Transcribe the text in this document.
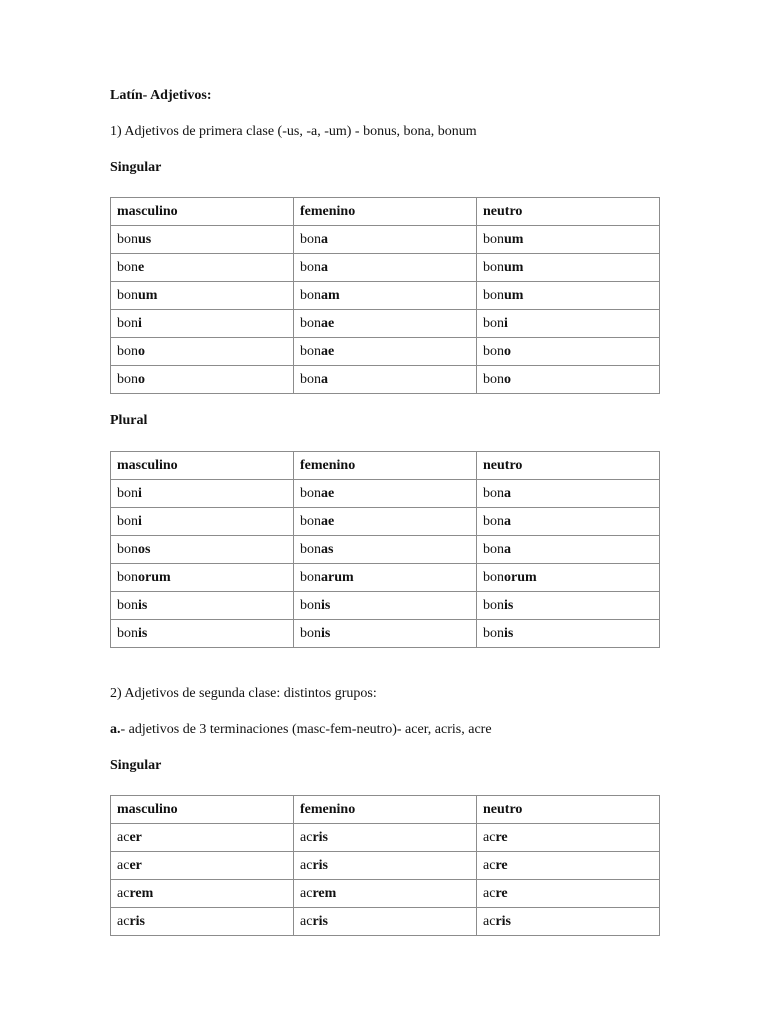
Latín- Adjetivos:
1) Adjetivos de primera clase (-us, -a, -um) - bonus, bona, bonum
Singular
masculino	femenino	neutro
bonus	bona	bonum
bone	bona	bonum
bonum	bonam	bonum
boni	bonae	boni
bono	bonae	bono
bono	bona	bono
Plural
masculino	femenino	neutro
boni	bonae	bona
boni	bonae	bona
bonos	bonas	bona
bonorum	bonarum	bonorum
bonis	bonis	bonis
bonis	bonis	bonis
2) Adjetivos de segunda clase: distintos grupos:
a.- adjetivos de 3 terminaciones (masc-fem-neutro)- acer, acris, acre
Singular
masculino	femenino	neutro
acer	acris	acre
acer	acris	acre
acrem	acrem	acre
acris	acris	acris
